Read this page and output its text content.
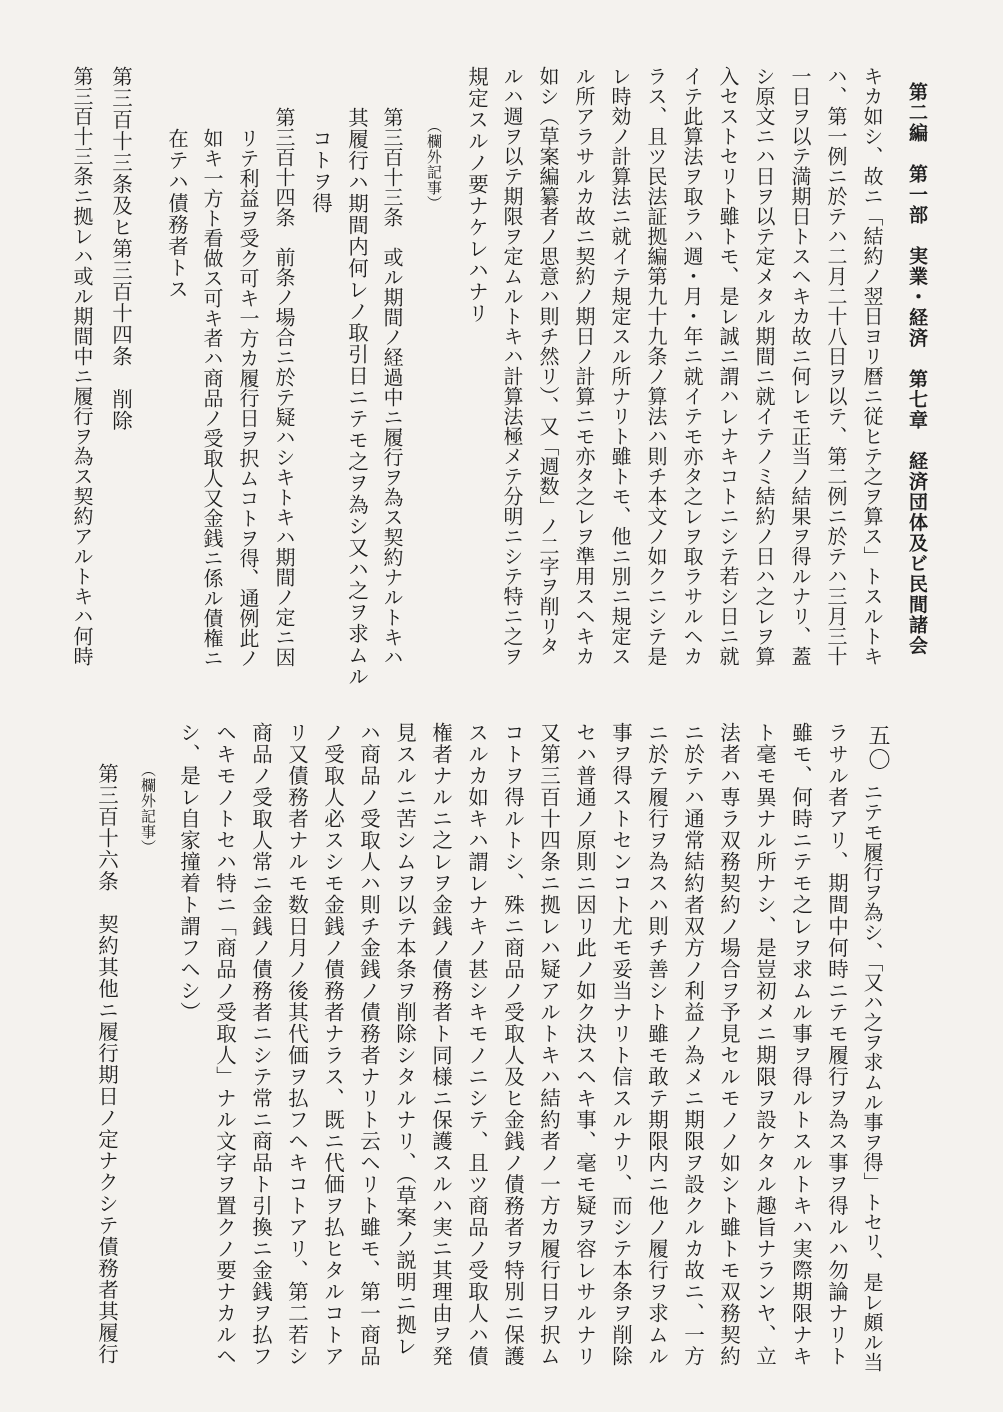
第二編　第一部　実業・経済　第七章　経済団体及ビ民間諸会
五〇
キカ如シ、故ニ「結約ノ翌日ヨリ暦ニ従ヒテ之ヲ算ス」トスルトキ
ハ、第一例ニ於テハ二月二十八日ヲ以テ、第二例ニ於テハ三月三十
一日ヲ以テ満期日トスヘキカ故ニ何レモ正当ノ結果ヲ得ルナリ、蓋
シ原文ニハ日ヲ以テ定メタル期間ニ就イテノミ結約ノ日ハ之レヲ算
入セストセリト雖トモ、是レ誠ニ謂ハレナキコトニシテ若シ日ニ就
イテ此算法ヲ取ラハ週・月・年ニ就イテモ亦タ之レヲ取ラサルヘカ
ラス、且ツ民法証拠編第九十九条ノ算法ハ則チ本文ノ如クニシテ是
レ時効ノ計算法ニ就イテ規定スル所ナリト雖トモ、他ニ別ニ規定ス
ル所アラサルカ故ニ契約ノ期日ノ計算ニモ亦タ之レヲ準用スヘキカ
如シ（草案編纂者ノ思意ハ則チ然リ）、又「週数」ノ二字ヲ削リタ
ルハ週ヲ以テ期限ヲ定ムルトキハ計算法極メテ分明ニシテ特ニ之ヲ
規定スルノ要ナケレハナリ
（欄外記事）
第三百十三条　或ル期間ノ経過中ニ履行ヲ為ス契約ナルトキハ
其履行ハ期間内何レノ取引日ニテモ之ヲ為シ又ハ之ヲ求ムル
コトヲ得
第三百十四条　前条ノ場合ニ於テ疑ハシキトキハ期間ノ定ニ因
リテ利益ヲ受ク可キ一方カ履行日ヲ択ムコトヲ得、通例此ノ
如キ一方ト看做ス可キ者ハ商品ノ受取人又金銭ニ係ル債権ニ
在テハ債務者トス
第三百十三条及ヒ第三百十四条　削除
第三百十三条ニ拠レハ或ル期間中ニ履行ヲ為ス契約アルトキハ何時
ニテモ履行ヲ為シ、「又ハ之ヲ求ムル事ヲ得」トセリ、是レ頗ル当
ラサル者アリ、期間中何時ニテモ履行ヲ為ス事ヲ得ルハ勿論ナリト
雖モ、何時ニテモ之レヲ求ムル事ヲ得ルトスルトキハ実際期限ナキ
ト毫モ異ナル所ナシ、是豈初メニ期限ヲ設ケタル趣旨ナランヤ、立
法者ハ専ラ双務契約ノ場合ヲ予見セルモノノ如シト雖トモ双務契約
ニ於テハ通常結約者双方ノ利益ノ為メニ期限ヲ設クルカ故ニ、一方
ニ於テ履行ヲ為スハ則チ善シト雖モ敢テ期限内ニ他ノ履行ヲ求ムル
事ヲ得ストセンコト尤モ妥当ナリト信スルナリ、而シテ本条ヲ削除
セハ普通ノ原則ニ因リ此ノ如ク決スヘキ事、毫モ疑ヲ容レサルナリ
又第三百十四条ニ拠レハ疑アルトキハ結約者ノ一方カ履行日ヲ択ム
コトヲ得ルトシ、殊ニ商品ノ受取人及ヒ金銭ノ債務者ヲ特別ニ保護
スルカ如キハ謂レナキノ甚シキモノニシテ、且ツ商品ノ受取人ハ債
権者ナルニ之レヲ金銭ノ債務者ト同様ニ保護スルハ実ニ其理由ヲ発
見スルニ苦シムヲ以テ本条ヲ削除シタルナリ、（草案ノ説明ニ拠レ
ハ商品ノ受取人ハ則チ金銭ノ債務者ナリト云ヘリト雖モ、第一商品
ノ受取人必スシモ金銭ノ債務者ナラス、既ニ代価ヲ払ヒタルコトア
リ又債務者ナルモ数日月ノ後其代価ヲ払フヘキコトアリ、第二若シ
商品ノ受取人常ニ金銭ノ債務者ニシテ常ニ商品ト引換ニ金銭ヲ払フ
ヘキモノトセハ特ニ「商品ノ受取人」ナル文字ヲ置クノ要ナカルヘ
シ、是レ自家撞着ト謂フヘシ）
（欄外記事）
第三百十六条　契約其他ニ履行期日ノ定ナクシテ債務者其履行
